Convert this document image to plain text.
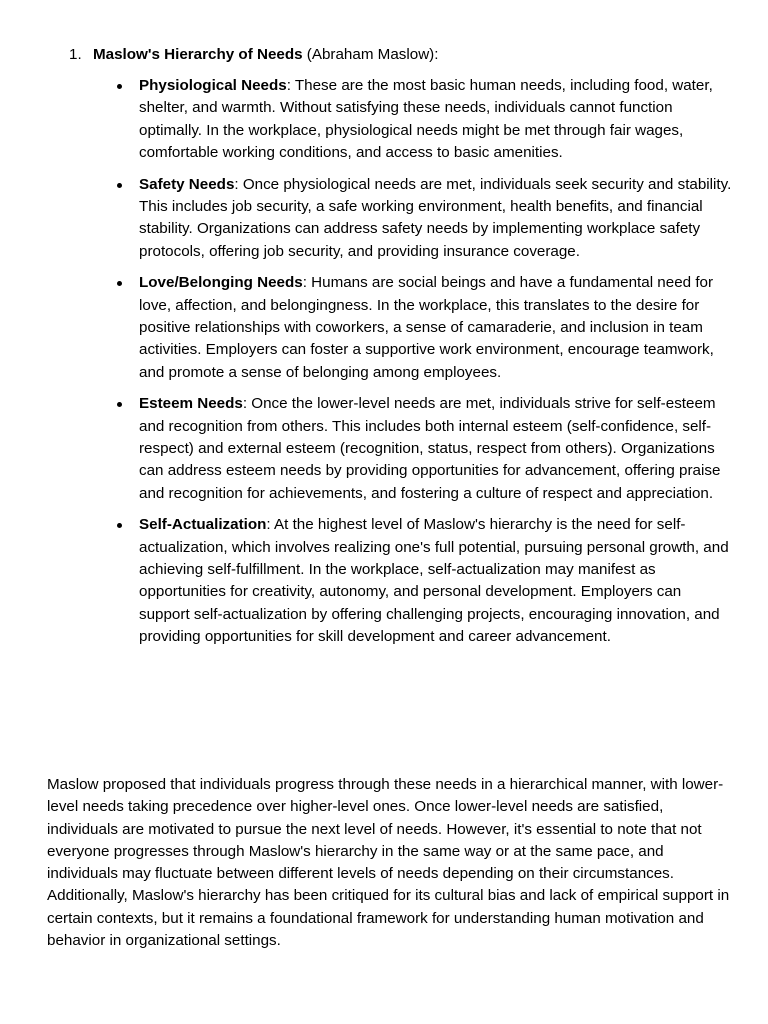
1. Maslow's Hierarchy of Needs (Abraham Maslow):
Physiological Needs: These are the most basic human needs, including food, water, shelter, and warmth. Without satisfying these needs, individuals cannot function optimally. In the workplace, physiological needs might be met through fair wages, comfortable working conditions, and access to basic amenities.
Safety Needs: Once physiological needs are met, individuals seek security and stability. This includes job security, a safe working environment, health benefits, and financial stability. Organizations can address safety needs by implementing workplace safety protocols, offering job security, and providing insurance coverage.
Love/Belonging Needs: Humans are social beings and have a fundamental need for love, affection, and belongingness. In the workplace, this translates to the desire for positive relationships with coworkers, a sense of camaraderie, and inclusion in team activities. Employers can foster a supportive work environment, encourage teamwork, and promote a sense of belonging among employees.
Esteem Needs: Once the lower-level needs are met, individuals strive for self-esteem and recognition from others. This includes both internal esteem (self-confidence, self-respect) and external esteem (recognition, status, respect from others). Organizations can address esteem needs by providing opportunities for advancement, offering praise and recognition for achievements, and fostering a culture of respect and appreciation.
Self-Actualization: At the highest level of Maslow's hierarchy is the need for self-actualization, which involves realizing one's full potential, pursuing personal growth, and achieving self-fulfillment. In the workplace, self-actualization may manifest as opportunities for creativity, autonomy, and personal development. Employers can support self-actualization by offering challenging projects, encouraging innovation, and providing opportunities for skill development and career advancement.

Maslow proposed that individuals progress through these needs in a hierarchical manner, with lower-level needs taking precedence over higher-level ones. Once lower-level needs are satisfied, individuals are motivated to pursue the next level of needs. However, it's essential to note that not everyone progresses through Maslow's hierarchy in the same way or at the same pace, and individuals may fluctuate between different levels of needs depending on their circumstances. Additionally, Maslow's hierarchy has been critiqued for its cultural bias and lack of empirical support in certain contexts, but it remains a foundational framework for understanding human motivation and behavior in organizational settings.
